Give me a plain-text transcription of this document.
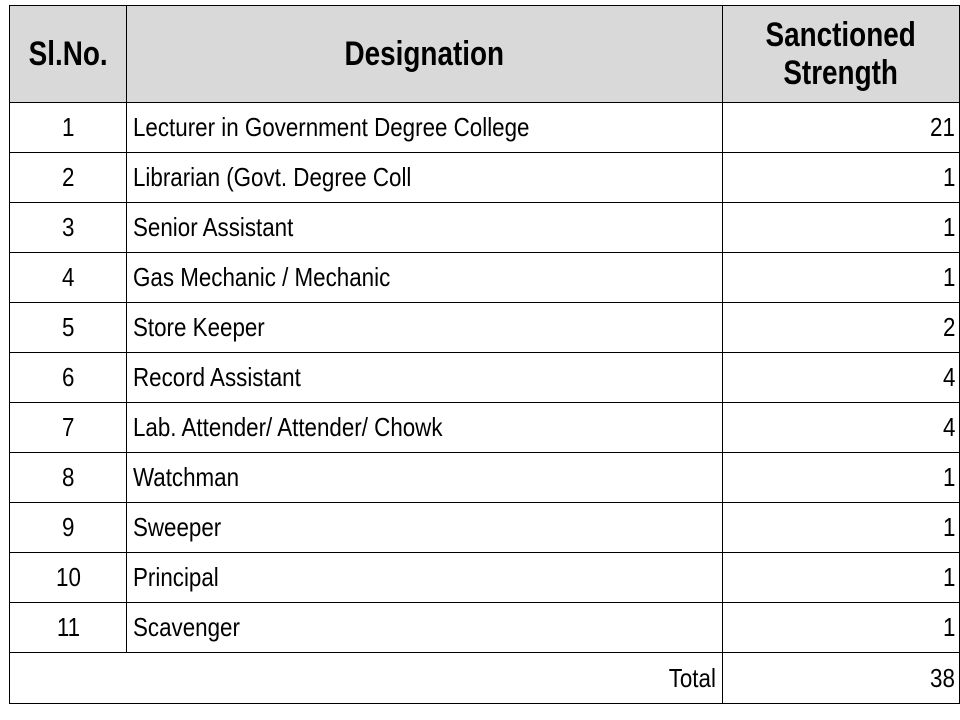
Sl.No.	Designation	Sanctioned
Strength
1	Lecturer in Government Degree College	21
2	Librarian (Govt. Degree Coll	1
3	Senior Assistant	1
4	Gas Mechanic / Mechanic	1
5	Store Keeper	2
6	Record Assistant	4
7	Lab. Attender/ Attender/ Chowk	4
8	Watchman	1
9	Sweeper	1
10	Principal	1
11	Scavenger	1
Total		38
